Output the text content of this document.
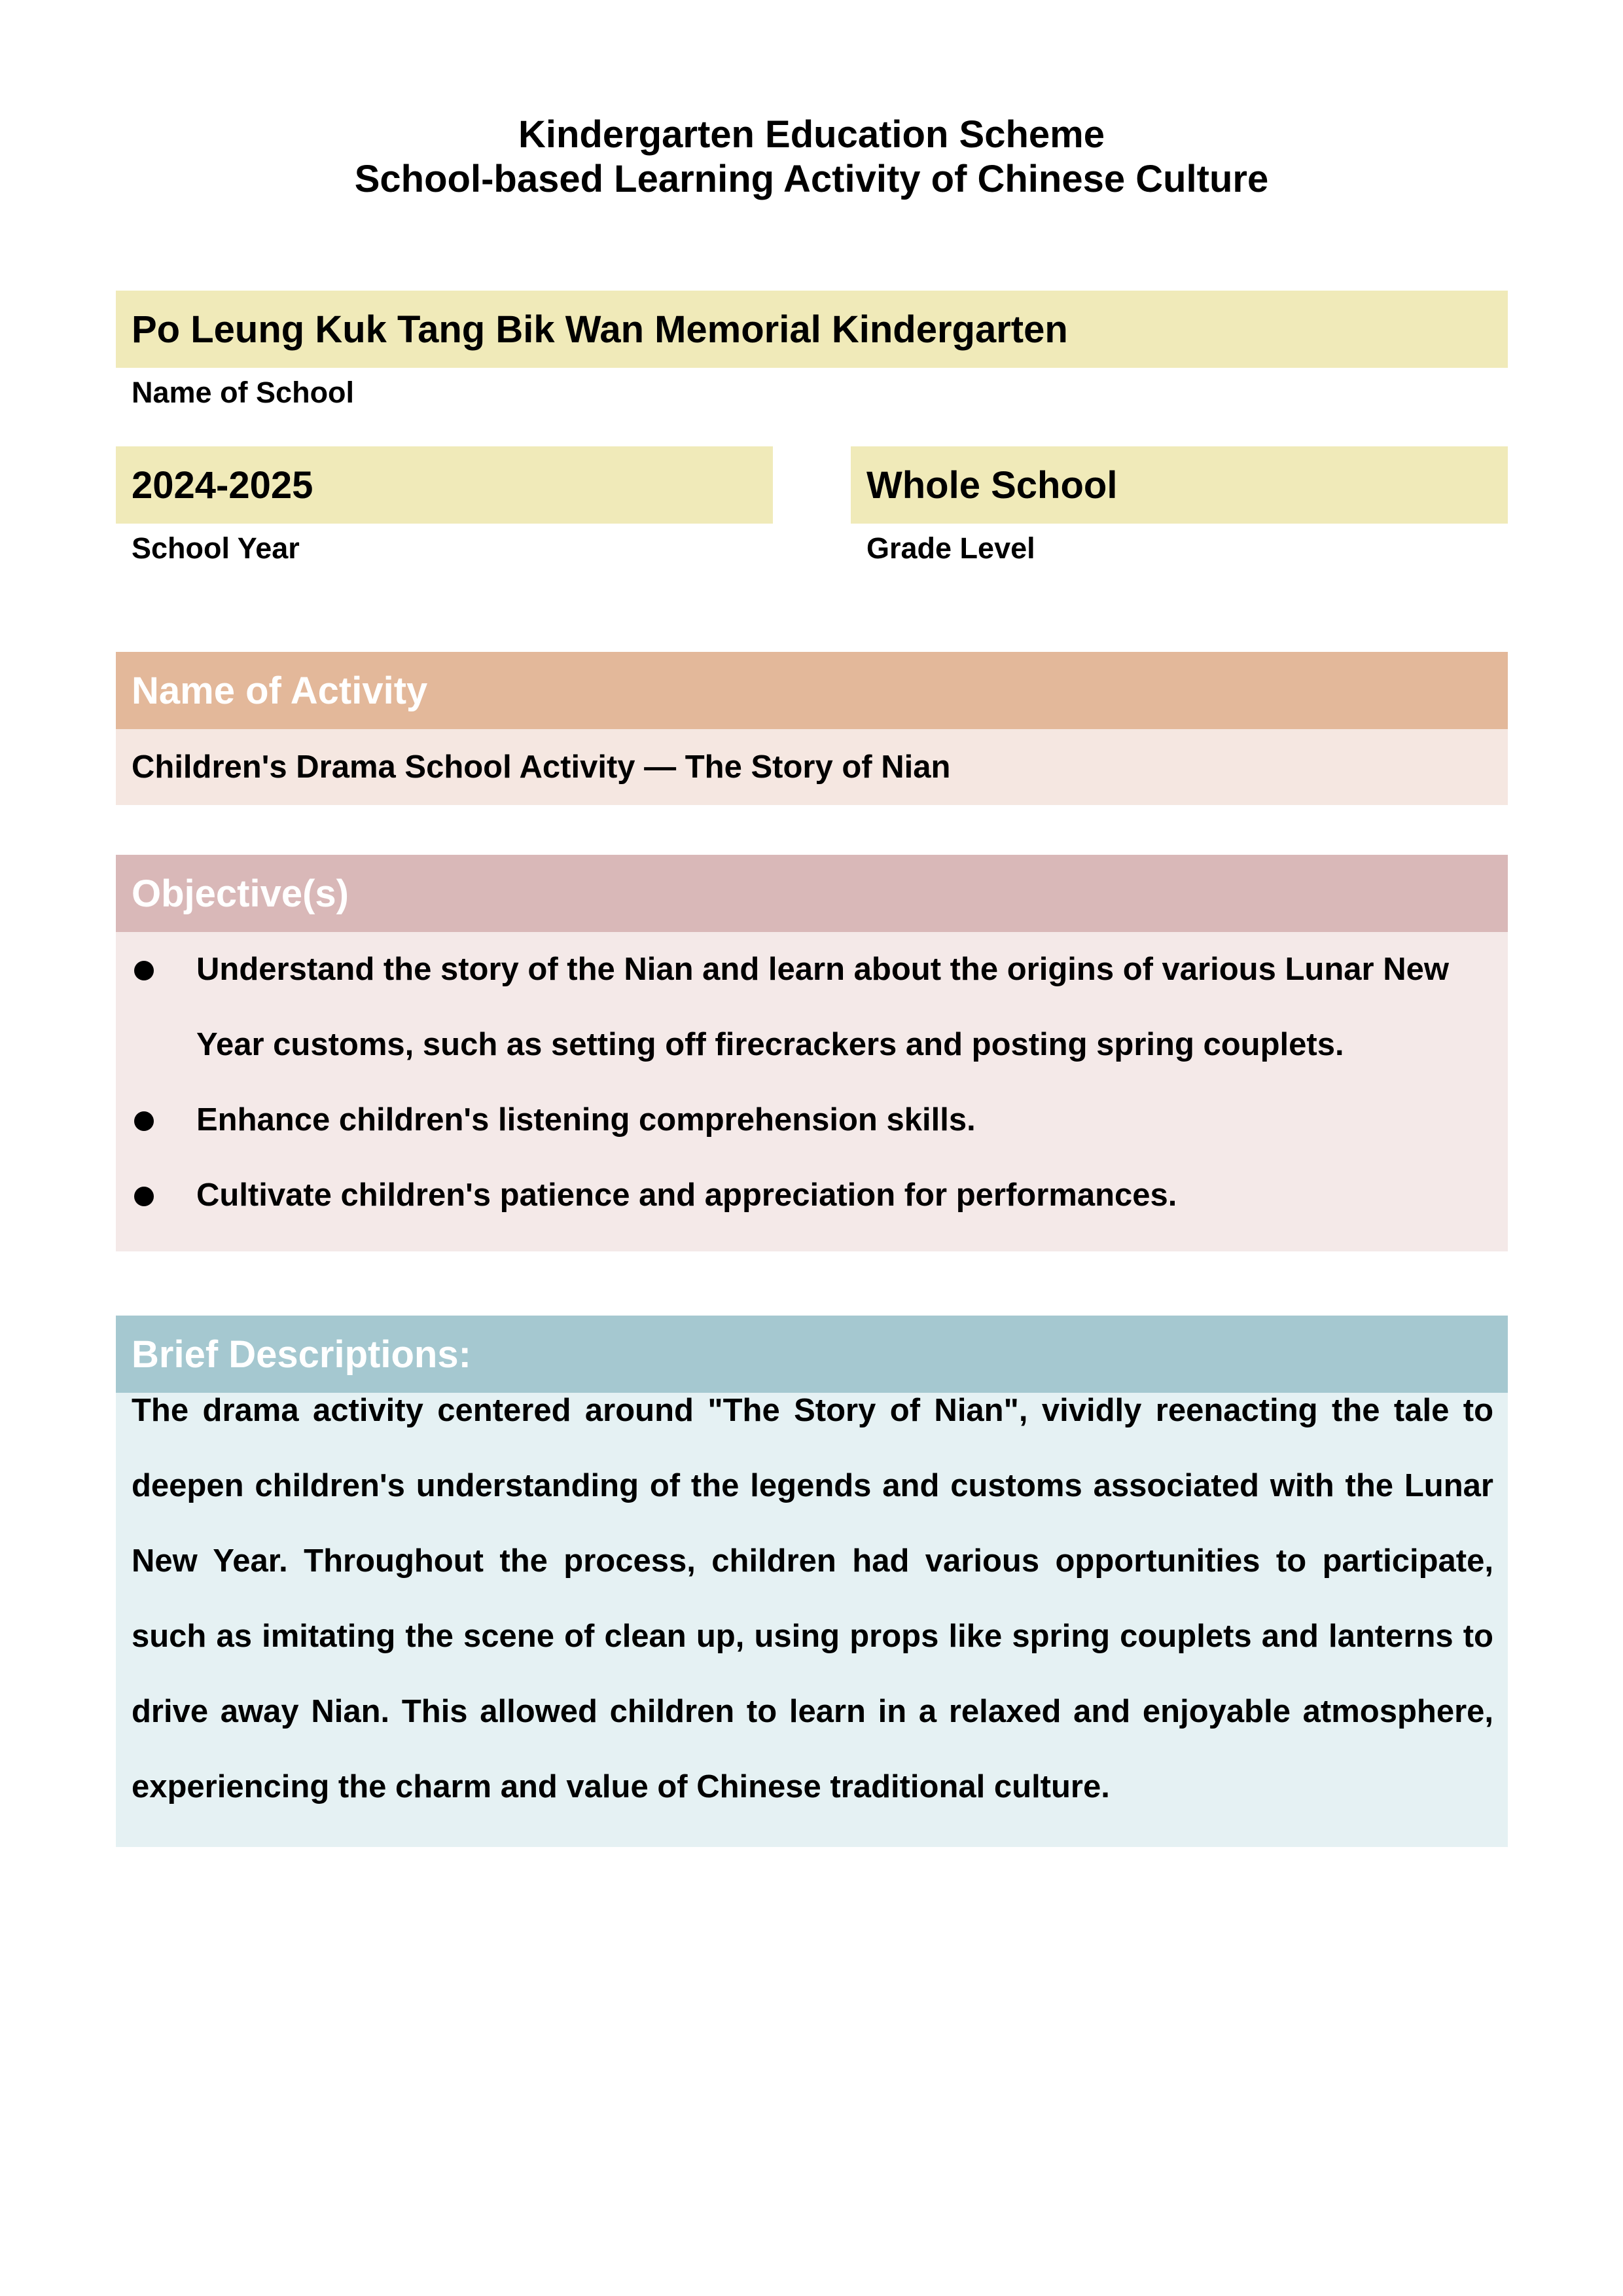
Kindergarten Education Scheme
School-based Learning Activity of Chinese Culture
Po Leung Kuk Tang Bik Wan Memorial Kindergarten
Name of School
2024-2025
School Year
Whole School
Grade Level
Name of Activity
Children's Drama School Activity — The Story of Nian
Objective(s)
Understand the story of the Nian and learn about the origins of various Lunar New Year customs, such as setting off firecrackers and posting spring couplets.
Enhance children's listening comprehension skills.
Cultivate children's patience and appreciation for performances.
Brief Descriptions:

The drama activity centered around "The Story of Nian", vividly reenacting the tale to deepen children's understanding of the legends and customs associated with the Lunar New Year. Throughout the process, children had various opportunities to participate, such as imitating the scene of clean up, using props like spring couplets and lanterns to drive away Nian. This allowed children to learn in a relaxed and enjoyable atmosphere, experiencing the charm and value of Chinese traditional culture.
